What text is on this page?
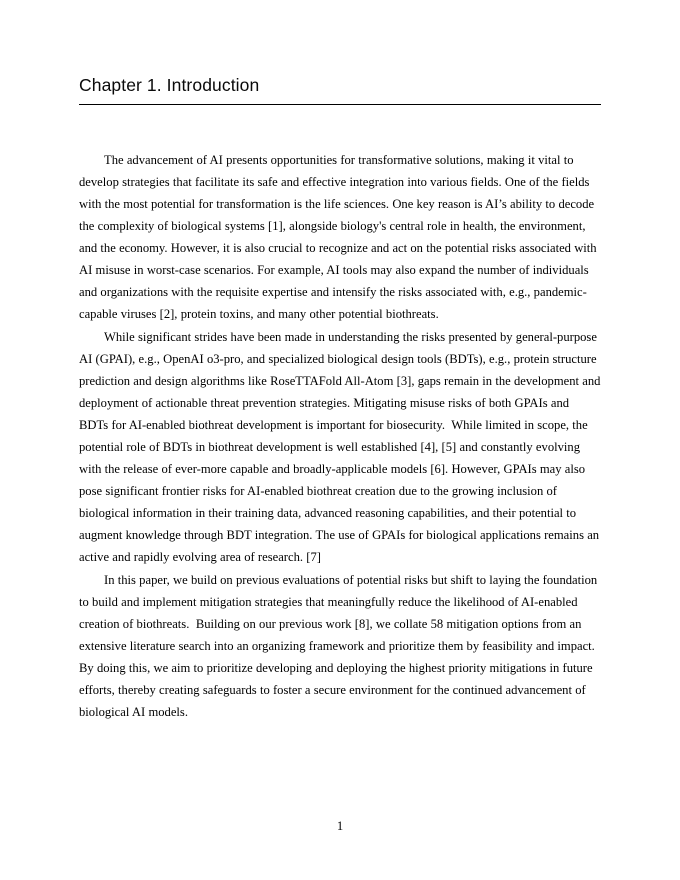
Chapter 1. Introduction

The advancement of AI presents opportunities for transformative solutions, making it vital to develop strategies that facilitate its safe and effective integration into various fields. One of the fields with the most potential for transformation is the life sciences. One key reason is AI’s ability to decode the complexity of biological systems [1], alongside biology's central role in health, the environment, and the economy. However, it is also crucial to recognize and act on the potential risks associated with AI misuse in worst-case scenarios. For example, AI tools may also expand the number of individuals and organizations with the requisite expertise and intensify the risks associated with, e.g., pandemic-capable viruses [2], protein toxins, and many other potential biothreats.

While significant strides have been made in understanding the risks presented by general-purpose AI (GPAI), e.g., OpenAI o3-pro, and specialized biological design tools (BDTs), e.g., protein structure prediction and design algorithms like RoseTTAFold All-Atom [3], gaps remain in the development and deployment of actionable threat prevention strategies. Mitigating misuse risks of both GPAIs and BDTs for AI-enabled biothreat development is important for biosecurity.  While limited in scope, the potential role of BDTs in biothreat development is well established [4], [5] and constantly evolving with the release of ever-more capable and broadly-applicable models [6]. However, GPAIs may also pose significant frontier risks for AI-enabled biothreat creation due to the growing inclusion of biological information in their training data, advanced reasoning capabilities, and their potential to augment knowledge through BDT integration. The use of GPAIs for biological applications remains an active and rapidly evolving area of research. [7]

In this paper, we build on previous evaluations of potential risks but shift to laying the foundation to build and implement mitigation strategies that meaningfully reduce the likelihood of AI-enabled creation of biothreats.  Building on our previous work [8], we collate 58 mitigation options from an extensive literature search into an organizing framework and prioritize them by feasibility and impact. By doing this, we aim to prioritize developing and deploying the highest priority mitigations in future efforts, thereby creating safeguards to foster a secure environment for the continued advancement of biological AI models.

1
